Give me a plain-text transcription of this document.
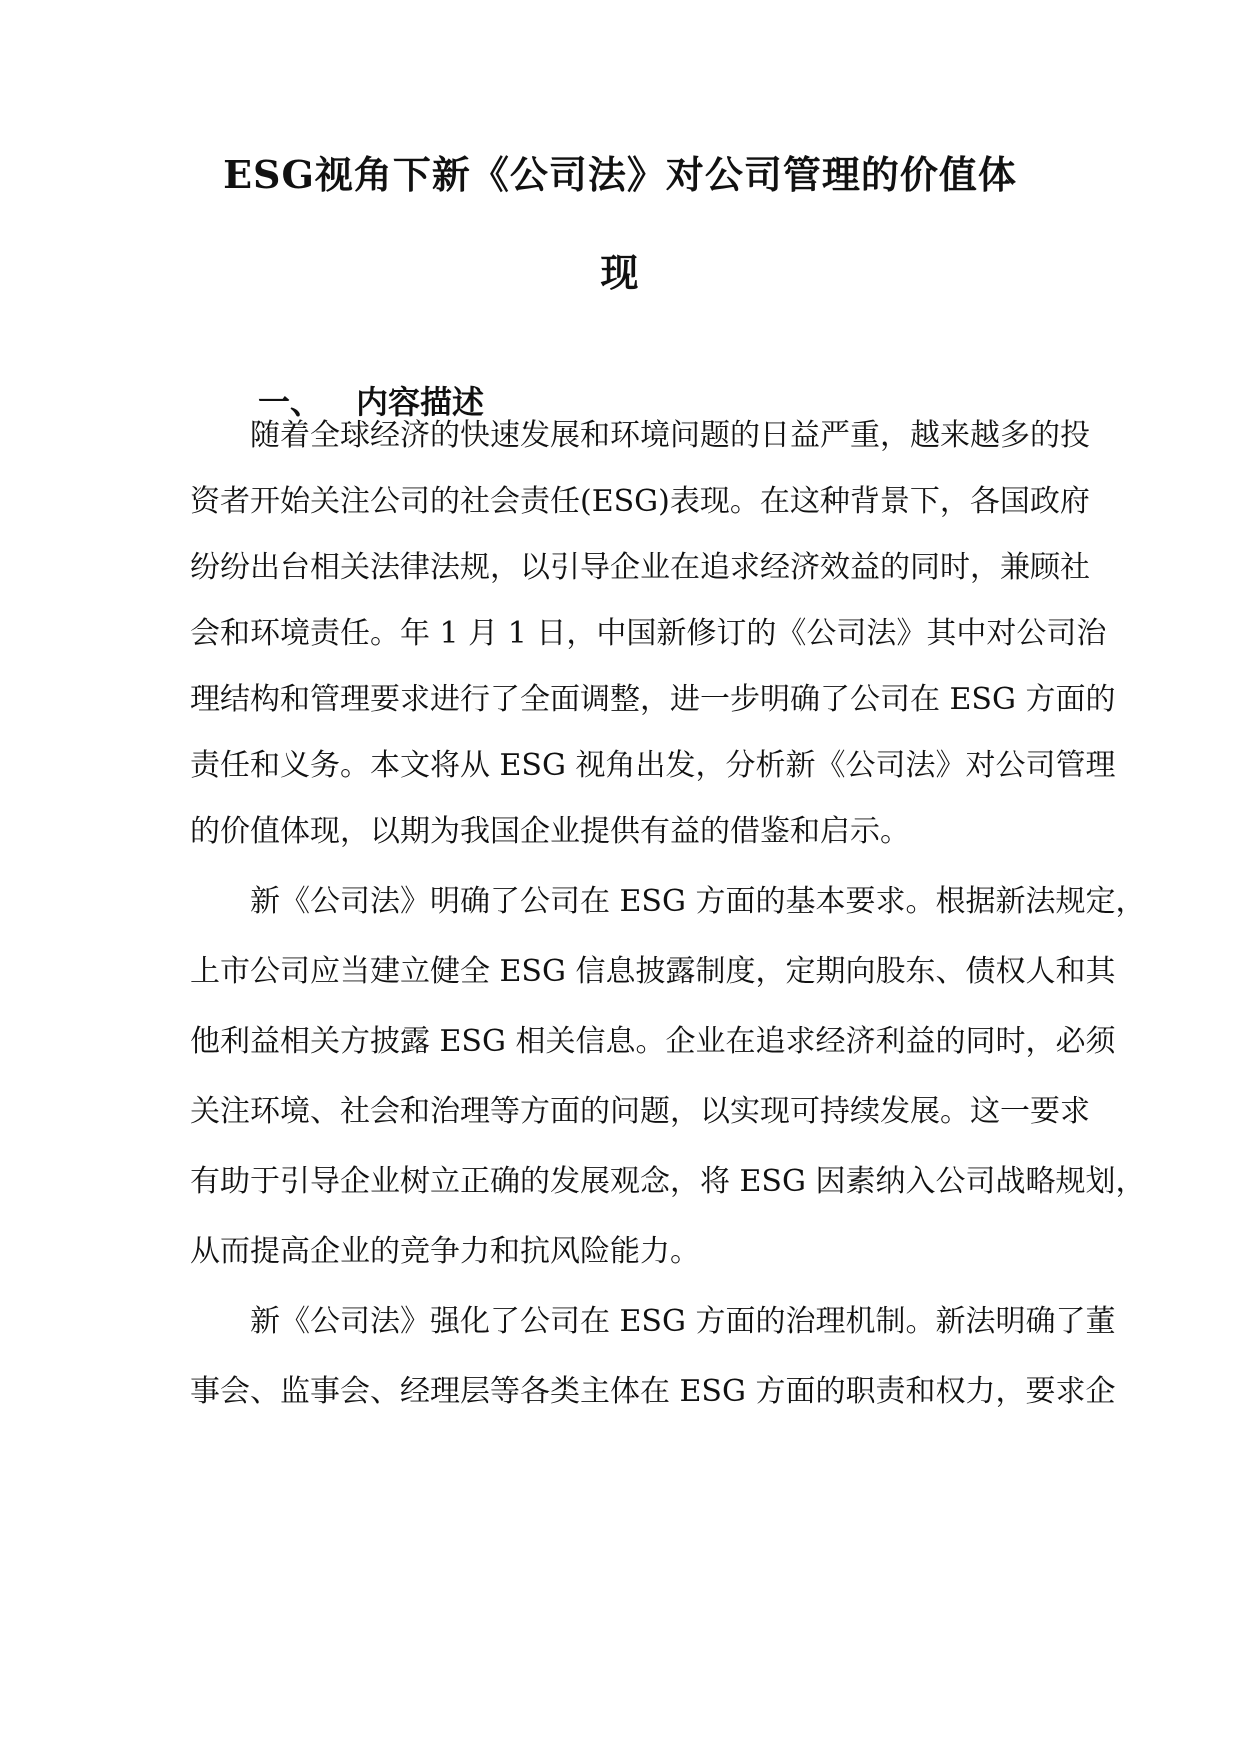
ESG视角下新《公司法》对公司管理的价值体
现
一、 内容描述
随着全球经济的快速发展和环境问题的日益严重，越来越多的投
资者开始关注公司的社会责任(ESG)表现。在这种背景下，各国政府
纷纷出台相关法律法规，以引导企业在追求经济效益的同时，兼顾社
会和环境责任。年 1 月 1 日，中国新修订的《公司法》其中对公司治
理结构和管理要求进行了全面调整，进一步明确了公司在 ESG 方面的
责任和义务。本文将从 ESG 视角出发，分析新《公司法》对公司管理
的价值体现，以期为我国企业提供有益的借鉴和启示。
新《公司法》明确了公司在 ESG 方面的基本要求。根据新法规定，
上市公司应当建立健全 ESG 信息披露制度，定期向股东、债权人和其
他利益相关方披露 ESG 相关信息。企业在追求经济利益的同时，必须
关注环境、社会和治理等方面的问题，以实现可持续发展。这一要求
有助于引导企业树立正确的发展观念，将 ESG 因素纳入公司战略规划，
从而提高企业的竞争力和抗风险能力。
新《公司法》强化了公司在 ESG 方面的治理机制。新法明确了董
事会、监事会、经理层等各类主体在 ESG 方面的职责和权力，要求企
